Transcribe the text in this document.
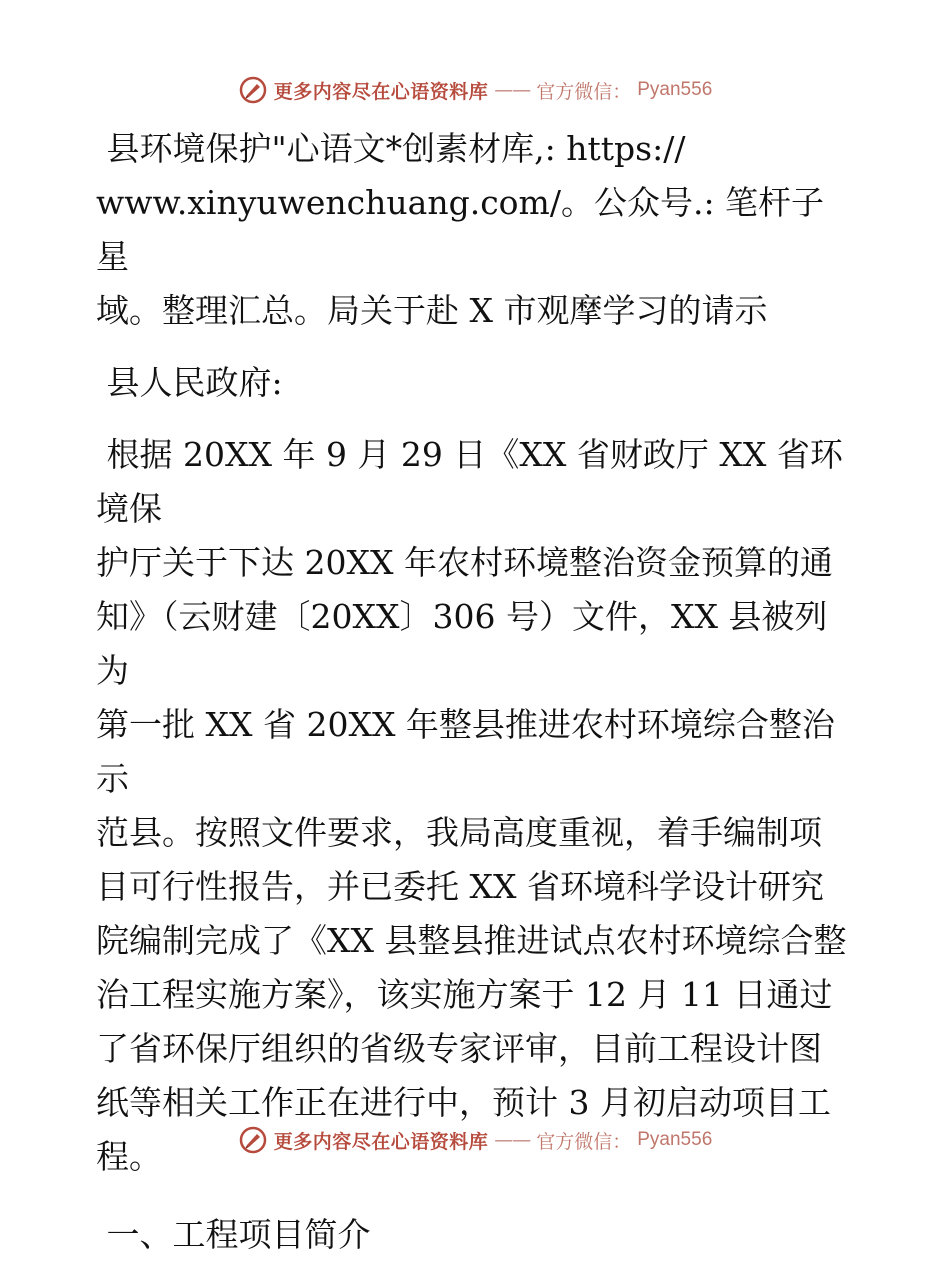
更多内容尽在心语资料库 —— 官方微信： Pyan556

县环境保护"心语文*创素材库,: https://

www.xinyuwenchuang.com/。公众号.: 笔杆子星

域。整理汇总。局关于赴 X 市观摩学习的请示

县人民政府:

根据 20XX 年 9 月 29 日《XX 省财政厅 XX 省环境保

护厅关于下达 20XX 年农村环境整治资金预算的通

知》（云财建〔20XX〕306 号）文件，XX 县被列为

第一批 XX 省 20XX 年整县推进农村环境综合整治示

范县。按照文件要求，我局高度重视，着手编制项

目可行性报告，并已委托 XX 省环境科学设计研究

院编制完成了《XX 县整县推进试点农村环境综合整

治工程实施方案》，该实施方案于 12 月 11 日通过

了省环保厅组织的省级专家评审，目前工程设计图

纸等相关工作正在进行中，预计 3 月初启动项目工

程。

一、工程项目简介

更多内容尽在心语资料库 —— 官方微信： Pyan556
